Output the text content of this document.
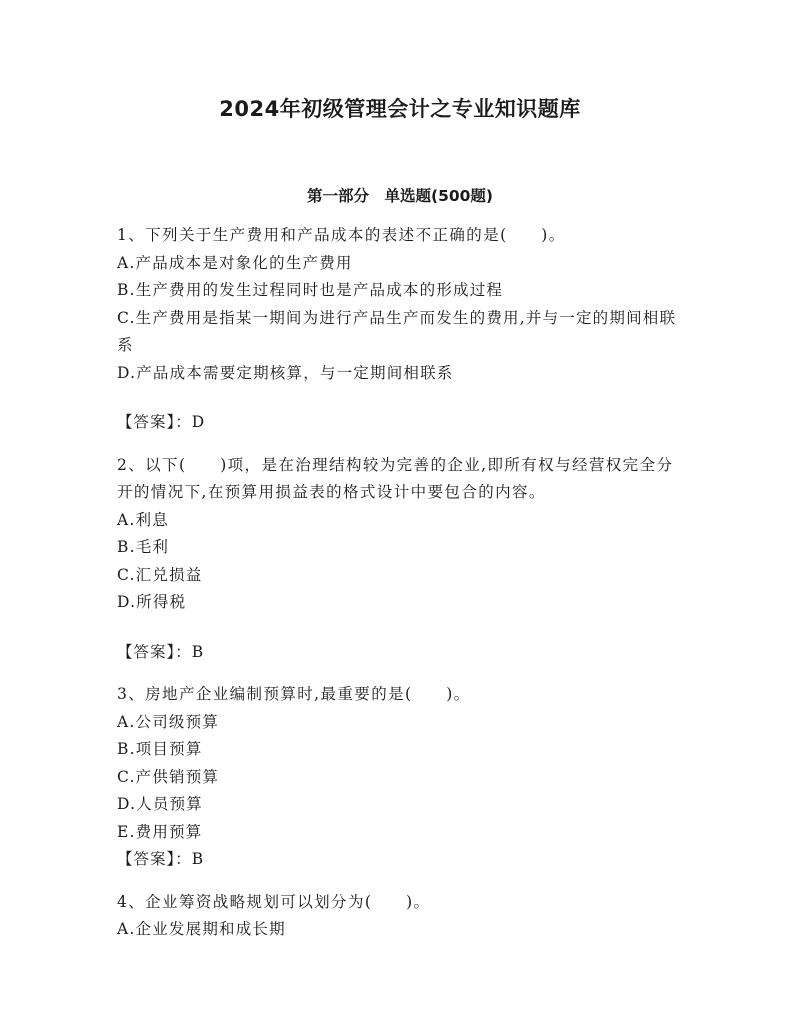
2024年初级管理会计之专业知识题库
第一部分　单选题(500题)

1、下列关于生产费用和产品成本的表述不正确的是(　　)。

A.产品成本是对象化的生产费用

B.生产费用的发生过程同时也是产品成本的形成过程

C.生产费用是指某一期间为进行产品生产而发生的费用,并与一定的期间相联系

D.产品成本需要定期核算，与一定期间相联系

【答案】：D

2、以下(　　)项，是在治理结构较为完善的企业,即所有权与经营权完全分开的情况下,在预算用损益表的格式设计中要包合的内容。

A.利息

B.毛利

C.汇兑损益

D.所得税

【答案】：B

3、房地产企业编制预算时,最重要的是(　　)。

A.公司级预算

B.项目预算

C.产供销预算

D.人员预算

E.费用预算

【答案】：B

4、企业筹资战略规划可以划分为(　　)。

A.企业发展期和成长期
